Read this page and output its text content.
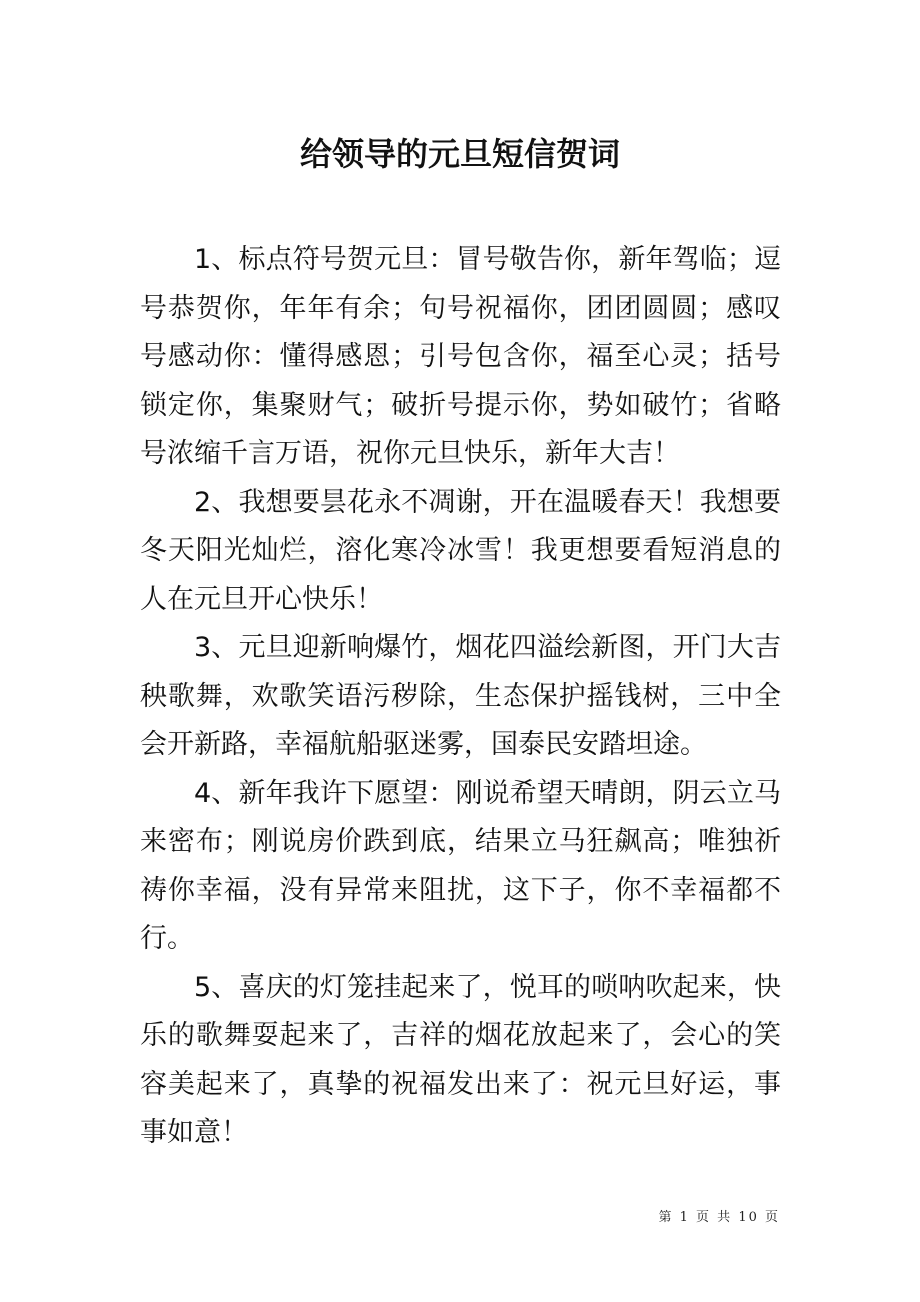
给领导的元旦短信贺词

1、标点符号贺元旦：冒号敬告你，新年驾临；逗号恭贺你，年年有余；句号祝福你，团团圆圆；感叹号感动你：懂得感恩；引号包含你，福至心灵；括号锁定你，集聚财气；破折号提示你，势如破竹；省略号浓缩千言万语，祝你元旦快乐，新年大吉！

2、我想要昙花永不凋谢，开在温暖春天！我想要冬天阳光灿烂，溶化寒冷冰雪！我更想要看短消息的人在元旦开心快乐！

3、元旦迎新响爆竹，烟花四溢绘新图，开门大吉秧歌舞，欢歌笑语污秽除，生态保护摇钱树，三中全会开新路，幸福航船驱迷雾，国泰民安踏坦途。

4、新年我许下愿望：刚说希望天晴朗，阴云立马来密布；刚说房价跌到底，结果立马狂飙高；唯独祈祷你幸福，没有异常来阻扰，这下子，你不幸福都不行。

5、喜庆的灯笼挂起来了，悦耳的唢呐吹起来，快乐的歌舞耍起来了，吉祥的烟花放起来了，会心的笑容美起来了，真挚的祝福发出来了：祝元旦好运，事事如意！

第 1 页 共 10 页
